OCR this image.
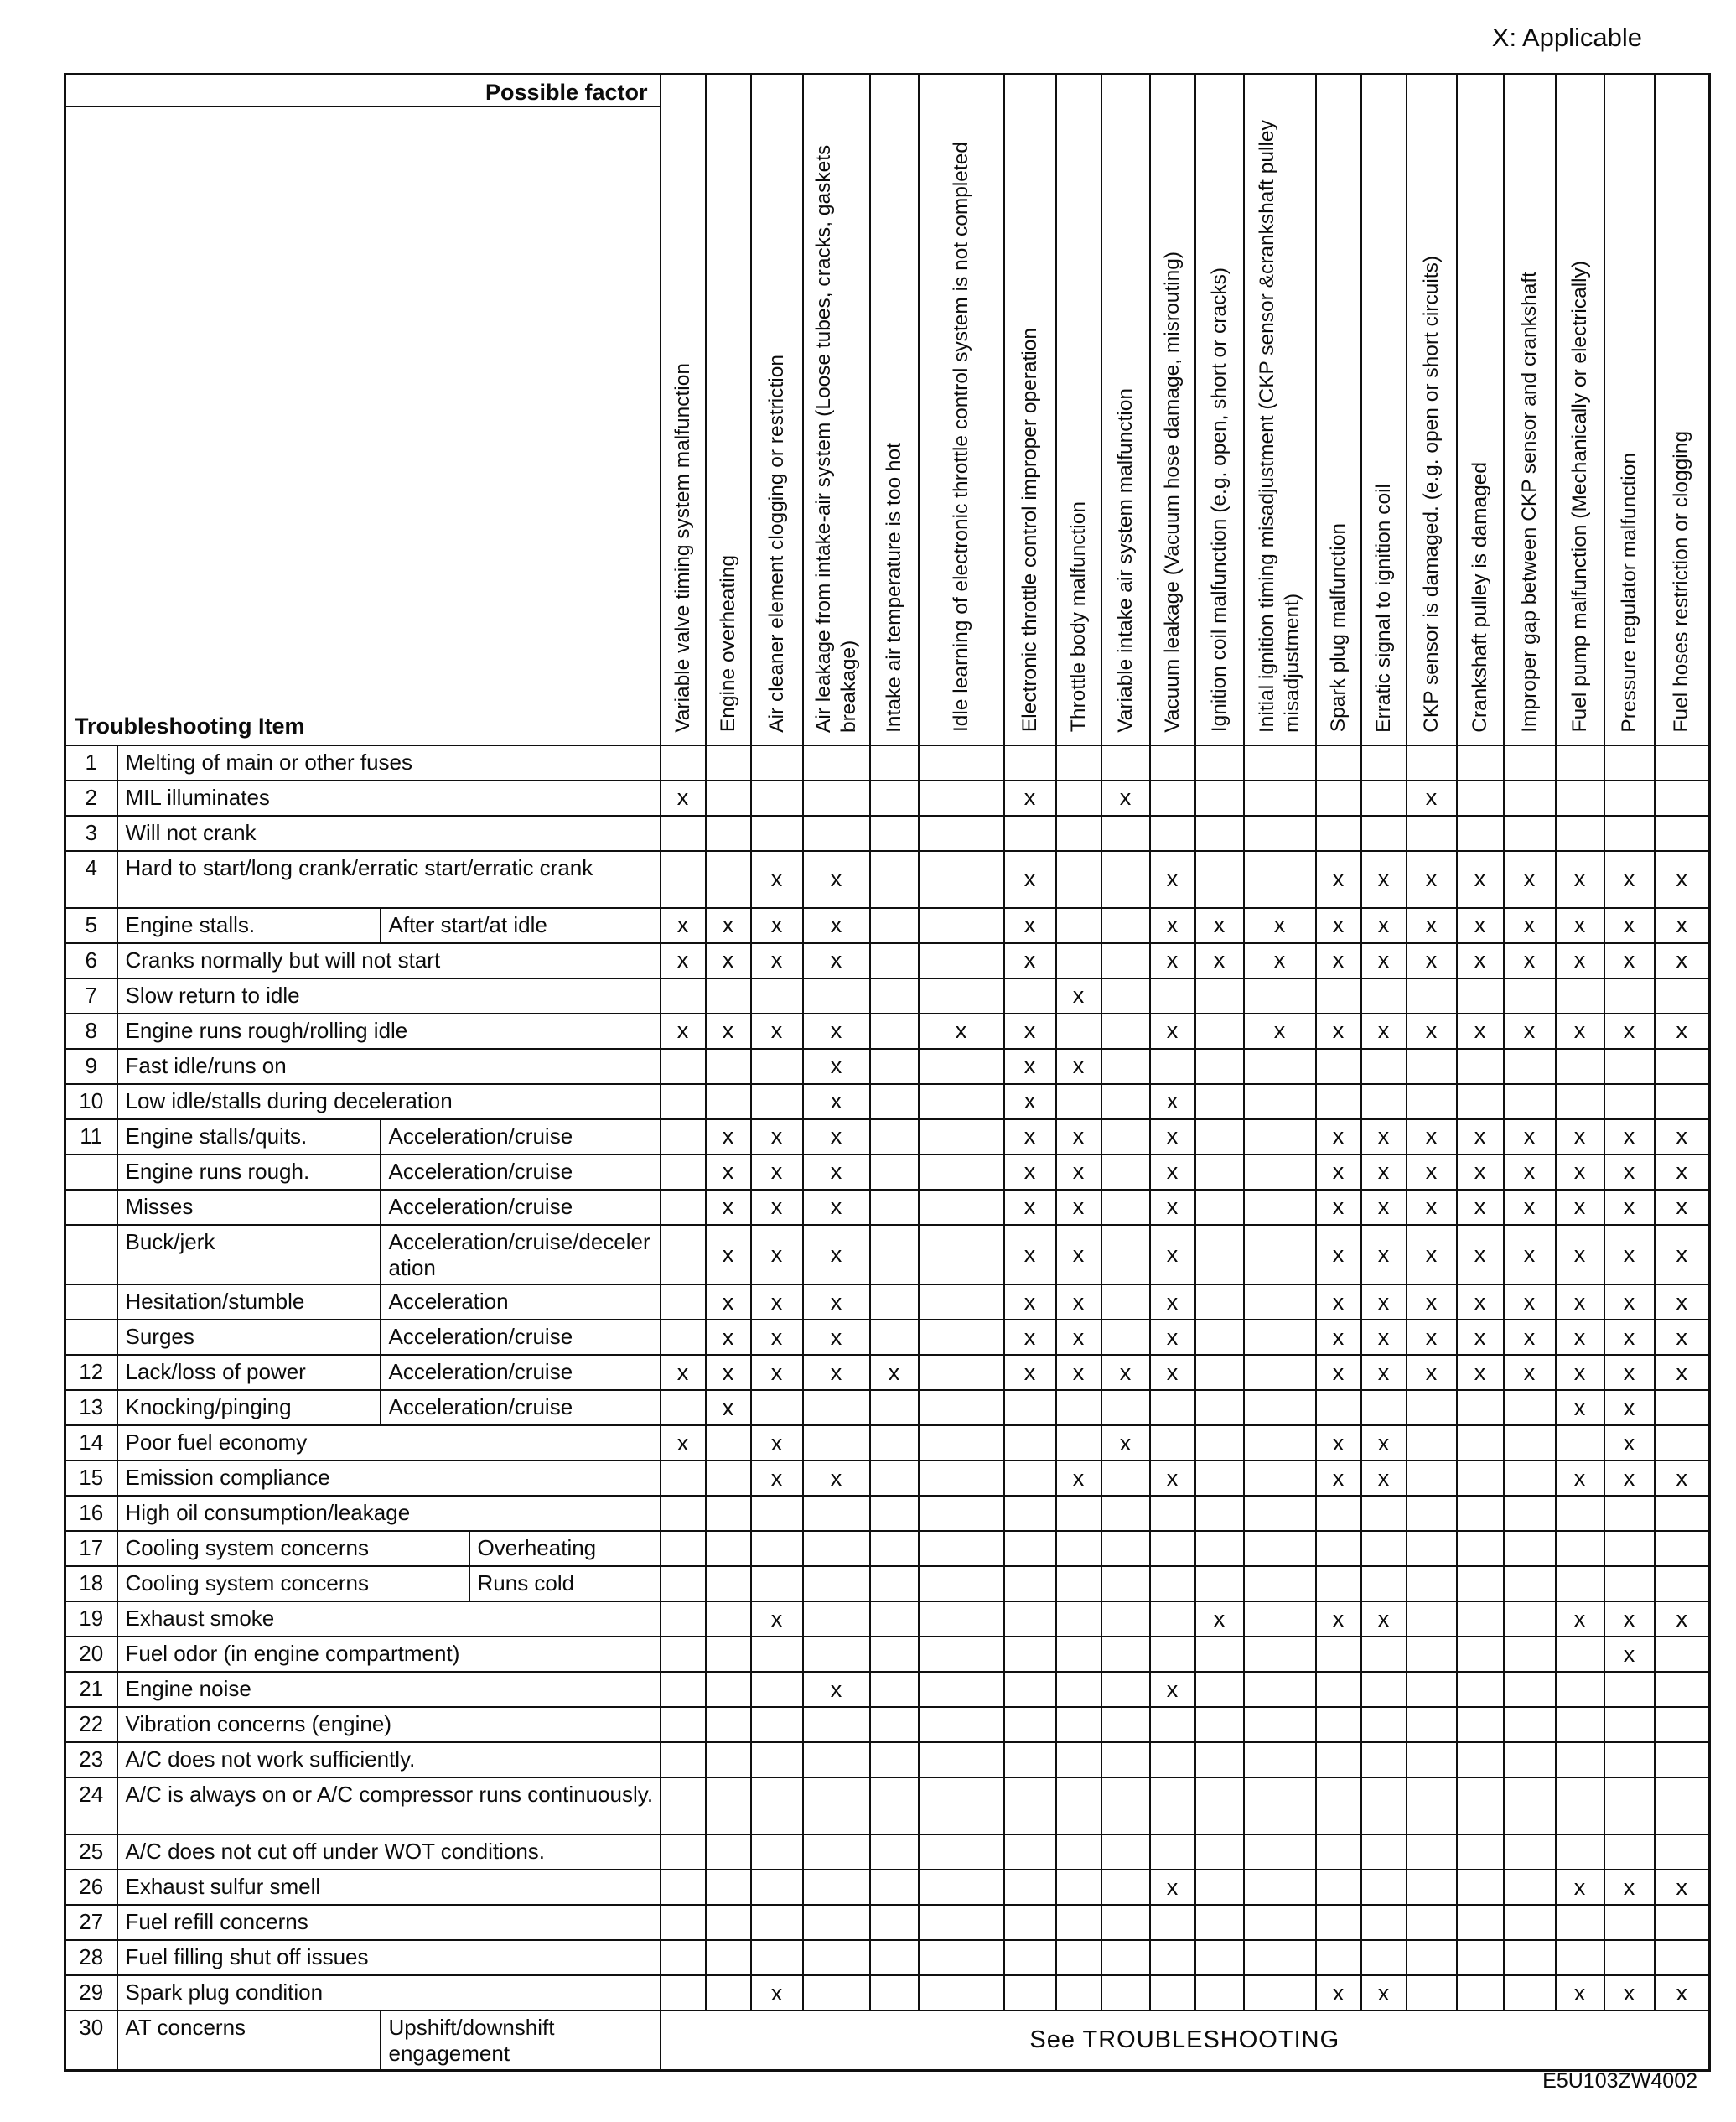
X: Applicable
Possible factor
Troubleshooting Item				Variable valve timing system malfunction	Engine overheating	Air cleaner element clogging or restriction	Air leakage from intake-air system (Loose tubes, cracks, gaskets breakage)	Intake air temperature is too hot	Idle learning of electronic throttle control system is not completed	Electronic throttle control improper operation	Throttle body malfunction	Variable intake air system malfunction	Vacuum leakage (Vacuum hose damage, misrouting)	Ignition coil malfunction (e.g. open, short or cracks)	Initial ignition timing misadjustment (CKP sensor &crankshaft pulley misadjustment)	Spark plug malfunction	Erratic signal to ignition coil	CKP sensor is damaged. (e.g. open or short circuits)	Crankshaft pulley is damaged	Improper gap between CKP sensor and crankshaft	Fuel pump malfunction (Mechanically or electrically)	Pressure regulator malfunction	Fuel hoses restriction or clogging
1	Melting of main or other fuses																						
2	MIL illuminates			x						x		x						x					
3	Will not crank																						
4	Hard to start/long crank/erratic start/erratic crank					x	x			x			x			x	x	x	x	x	x	x	x
5	Engine stalls.	After start/at idle		x	x	x	x			x			x	x	x	x	x	x	x	x	x	x	x
6	Cranks normally but will not start			x	x	x	x			x			x	x	x	x	x	x	x	x	x	x	x
7	Slow return to idle										x												
8	Engine runs rough/rolling idle			x	x	x	x		x	x			x		x	x	x	x	x	x	x	x	x
9	Fast idle/runs on						x			x	x												
10	Low idle/stalls during deceleration						x			x			x										
11	Engine stalls/quits.	Acceleration/cruise			x	x	x			x	x		x			x	x	x	x	x	x	x	x
	Engine runs rough.	Acceleration/cruise			x	x	x			x	x		x			x	x	x	x	x	x	x	x
	Misses	Acceleration/cruise			x	x	x			x	x		x			x	x	x	x	x	x	x	x
	Buck/jerk	Acceleration/cruise/deceleration			x	x	x			x	x		x			x	x	x	x	x	x	x	x
	Hesitation/stumble	Acceleration			x	x	x			x	x		x			x	x	x	x	x	x	x	x
	Surges	Acceleration/cruise			x	x	x			x	x		x			x	x	x	x	x	x	x	x
12	Lack/loss of power	Acceleration/cruise		x	x	x	x	x		x	x	x	x			x	x	x	x	x	x	x	x
13	Knocking/pinging	Acceleration/cruise			x																x	x	
14	Poor fuel economy			x		x						x				x	x					x	
15	Emission compliance					x	x				x		x			x	x				x	x	x
16	High oil consumption/leakage																						
17	Cooling system concerns		Overheating																				
18	Cooling system concerns		Runs cold																				
19	Exhaust smoke					x								x		x	x				x	x	x
20	Fuel odor (in engine compartment)																					x	
21	Engine noise						x						x										
22	Vibration concerns (engine)																						
23	A/C does not work sufficiently.																						
24	A/C is always on or A/C compressor runs continuously.																						
25	A/C does not cut off under WOT conditions.																						
26	Exhaust sulfur smell												x								x	x	x
27	Fuel refill concerns																						
28	Fuel filling shut off issues																						
29	Spark plug condition					x										x	x				x	x	x
30	AT concerns	Upshift/downshift engagement		See TROUBLESHOOTING																			
E5U103ZW4002
